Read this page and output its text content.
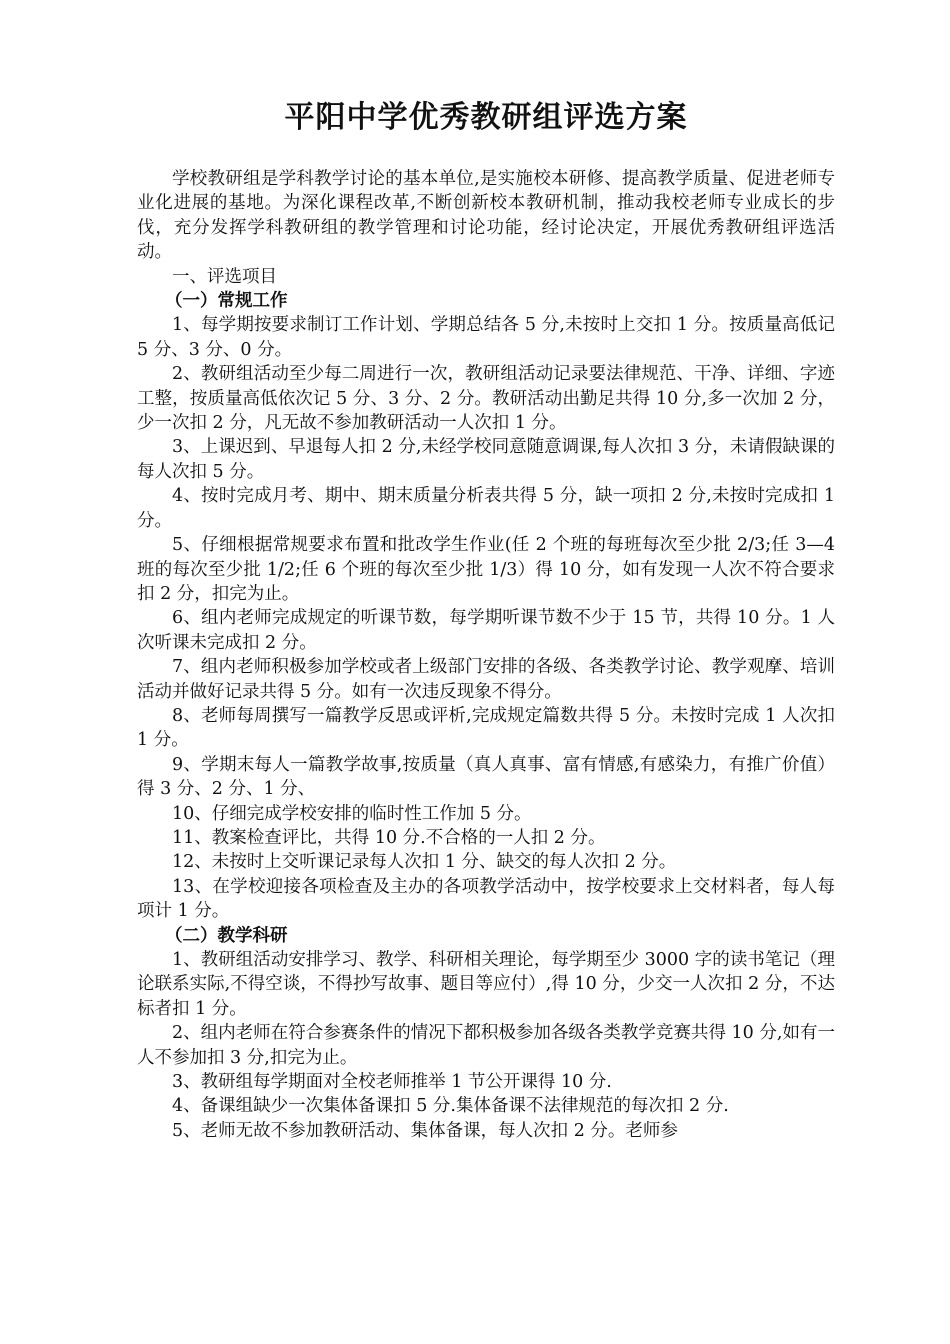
平阳中学优秀教研组评选方案

学校教研组是学科教学讨论的基本单位,是实施校本研修、提高教学质量、促进老师专业化进展的基地。为深化课程改革,不断创新校本教研机制，推动我校老师专业成长的步伐，充分发挥学科教研组的教学管理和讨论功能，经讨论决定，开展优秀教研组评选活动。

一、评选项目

（一）常规工作

1、每学期按要求制订工作计划、学期总结各 5 分,未按时上交扣 1 分。按质量高低记 5 分、3 分、0 分。

2、教研组活动至少每二周进行一次，教研组活动记录要法律规范、干净、详细、字迹工整，按质量高低依次记 5 分、3 分、2 分。教研活动出勤足共得 10 分,多一次加 2 分，少一次扣 2 分，凡无故不参加教研活动一人次扣 1 分。

3、上课迟到、早退每人扣 2 分,未经学校同意随意调课,每人次扣 3 分，未请假缺课的每人次扣 5 分。

4、按时完成月考、期中、期末质量分析表共得 5 分，缺一项扣 2 分,未按时完成扣 1 分。

5、仔细根据常规要求布置和批改学生作业(任 2 个班的每班每次至少批 2/3;任 3—4 班的每次至少批 1/2;任 6 个班的每次至少批 1/3）得 10 分，如有发现一人次不符合要求扣 2 分，扣完为止。

6、组内老师完成规定的听课节数，每学期听课节数不少于 15 节，共得 10 分。1 人次听课未完成扣 2 分。

7、组内老师积极参加学校或者上级部门安排的各级、各类教学讨论、教学观摩、培训活动并做好记录共得 5 分。如有一次违反现象不得分。

8、老师每周撰写一篇教学反思或评析,完成规定篇数共得 5 分。未按时完成 1 人次扣 1 分。

9、学期末每人一篇教学故事,按质量（真人真事、富有情感,有感染力，有推广价值）得 3 分、2 分、1 分、

10、仔细完成学校安排的临时性工作加 5 分。

11、教案检查评比，共得 10 分.不合格的一人扣 2 分。

12、未按时上交听课记录每人次扣 1 分、缺交的每人次扣 2 分。

13、在学校迎接各项检查及主办的各项教学活动中，按学校要求上交材料者，每人每项计 1 分。

（二）教学科研

1、教研组活动安排学习、教学、科研相关理论，每学期至少 3000 字的读书笔记（理论联系实际,不得空谈，不得抄写故事、题目等应付）,得 10 分，少交一人次扣 2 分，不达标者扣 1 分。

2、组内老师在符合参赛条件的情况下都积极参加各级各类教学竞赛共得 10 分,如有一人不参加扣 3 分,扣完为止。

3、教研组每学期面对全校老师推举 1 节公开课得 10 分.

4、备课组缺少一次集体备课扣 5 分.集体备课不法律规范的每次扣 2 分.

5、老师无故不参加教研活动、集体备课，每人次扣 2 分。老师参
